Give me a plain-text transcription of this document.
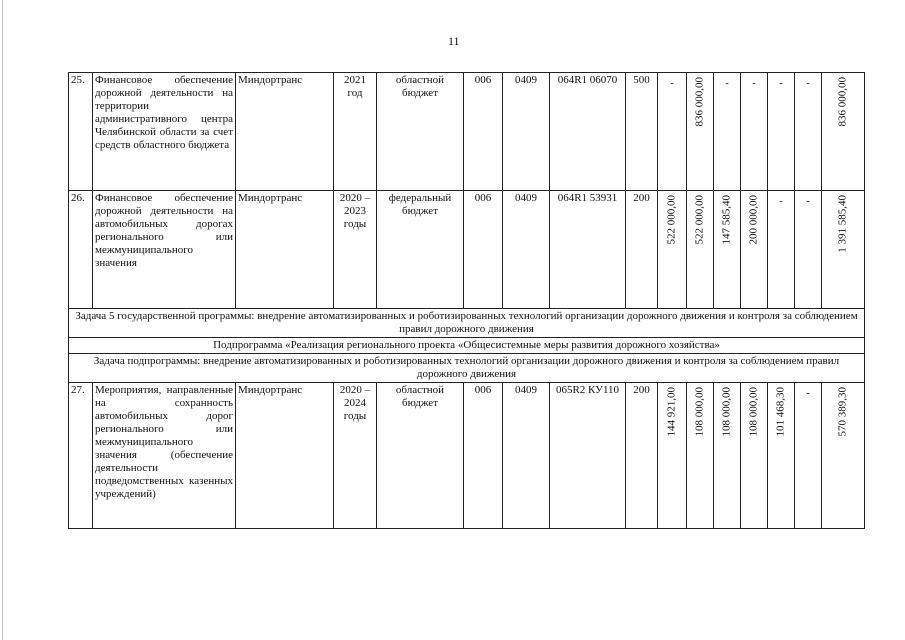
11
25.	Финансовое обеспечение дорожной деятельности на территории административного центра Челябинской области за счет средств областного бюджета	Миндортранс	2021 год	областной бюджет	006	0409	064R1 06070	500	-	836 000,00	-	-	-	-	836 000,00

26.	Финансовое обеспечение дорожной деятельности на автомобильных дорогах регионального или межмуниципального значения	Миндортранс	2020 – 2023 годы	федеральный бюджет	006	0409	064R1 53931	200	522 000,00	522 000,00	147 585,40	200 000,00	-	-	1 391 585,40

Задача 5 государственной программы: внедрение автоматизированных и роботизированных технологий организации дорожного движения и контроля за соблюдением правил дорожного движения															
Подпрограмма «Реализация регионального проекта «Общесистемные меры развития дорожного хозяйства»															
Задача подпрограммы: внедрение автоматизированных и роботизированных технологий организации дорожного движения и контроля за соблюдением правил дорожного движения															
27.	Мероприятия, направленные на сохранность автомобильных дорог регионального или межмуниципального значения (обеспечение деятельности подведомственных казенных учреждений)	Миндортранс	2020 – 2024 годы	областной бюджет	006	0409	065R2 КУ110	200	144 921,00	108 000,00	108 000,00	108 000,00	101 468,30	-	570 389,30
